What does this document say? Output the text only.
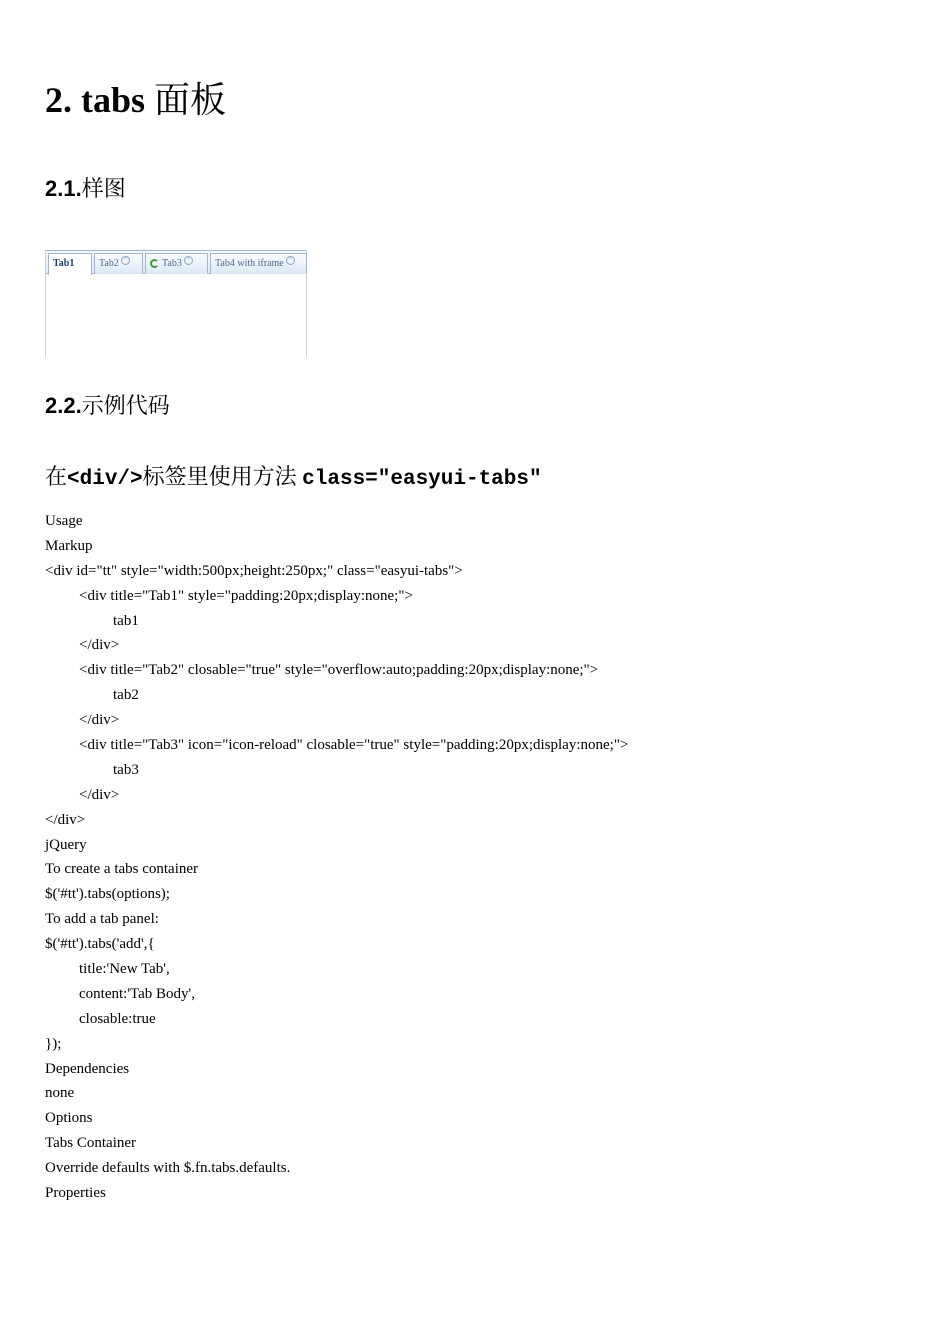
2. tabs 面板
2.1.样图
Tab1	Tab2 ×	Tab3 ×	Tab4 with iframe ×
2.2.示例代码
在<div/>标签里使用方法 class="easyui-tabs"
Usage
Markup
<div id="tt" style="width:500px;height:250px;" class="easyui-tabs">
<div title="Tab1" style="padding:20px;display:none;">
tab1
</div>
<div title="Tab2" closable="true" style="overflow:auto;padding:20px;display:none;">
tab2
</div>
<div title="Tab3" icon="icon-reload" closable="true" style="padding:20px;display:none;">
tab3
</div>
</div>
jQuery
To create a tabs container
$('#tt').tabs(options);
To add a tab panel:
$('#tt').tabs('add',{
title:'New Tab',
content:'Tab Body',
closable:true
});
Dependencies
none
Options
Tabs Container
Override defaults with $.fn.tabs.defaults.
Properties
